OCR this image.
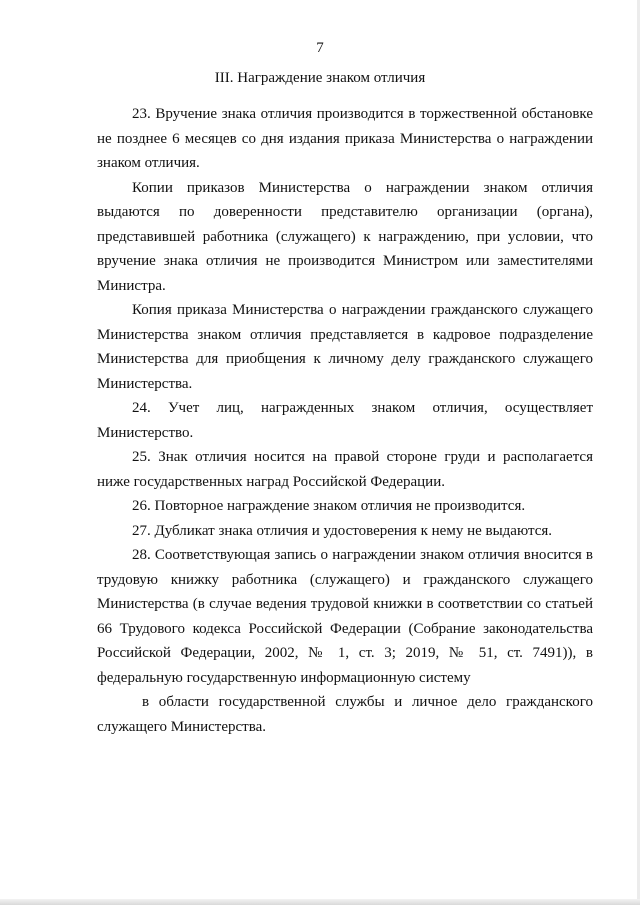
7
III. Награждение знаком отличия

23. Вручение знака отличия производится в торжественной обстановке не позднее 6 месяцев со дня издания приказа Министерства о награждении знаком отличия.

Копии приказов Министерства о награждении знаком отличия выдаются по доверенности представителю организации (органа), представившей работника (служащего) к награждению, при условии, что вручение знака отличия не производится Министром или заместителями Министра.

Копия приказа Министерства о награждении гражданского служащего Министерства знаком отличия представляется в кадровое подразделение Министерства для приобщения к личному делу гражданского служащего Министерства.

24. Учет лиц, награжденных знаком отличия, осуществляет Министерство.

25. Знак отличия носится на правой стороне груди и располагается ниже государственных наград Российской Федерации.

26. Повторное награждение знаком отличия не производится.

27. Дубликат знака отличия и удостоверения к нему не выдаются.

28. Соответствующая запись о награждении знаком отличия вносится в трудовую книжку работника (служащего) и гражданского служащего Министерства (в случае ведения трудовой книжки в соответствии со статьей 66 Трудового кодекса Российской Федерации (Собрание законодательства Российской Федерации, 2002, № 1, ст. 3; 2019, № 51, ст. 7491)), в федеральную государственную информационную систему

в области государственной службы и личное дело гражданского служащего Министерства.
